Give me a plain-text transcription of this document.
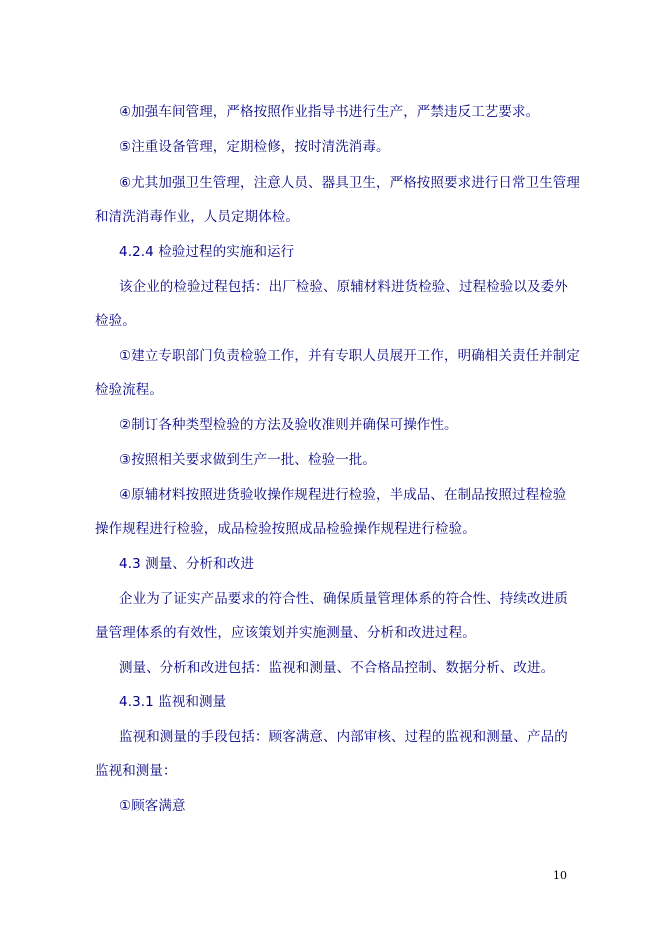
④加强车间管理，严格按照作业指导书进行生产，严禁违反工艺要求。

⑤注重设备管理，定期检修，按时清洗消毒。

⑥尤其加强卫生管理，注意人员、器具卫生，严格按照要求进行日常卫生管理

和清洗消毒作业，人员定期体检。

4.2.4 检验过程的实施和运行

该企业的检验过程包括：出厂检验、原辅材料进货检验、过程检验以及委外

检验。

①建立专职部门负责检验工作，并有专职人员展开工作，明确相关责任并制定

检验流程。

②制订各种类型检验的方法及验收准则并确保可操作性。

③按照相关要求做到生产一批、检验一批。

④原辅材料按照进货验收操作规程进行检验，半成品、在制品按照过程检验

操作规程进行检验，成品检验按照成品检验操作规程进行检验。

4.3 测量、分析和改进

企业为了证实产品要求的符合性、确保质量管理体系的符合性、持续改进质

量管理体系的有效性，应该策划并实施测量、分析和改进过程。

测量、分析和改进包括：监视和测量、不合格品控制、数据分析、改进。

4.3.1 监视和测量

监视和测量的手段包括：顾客满意、内部审核、过程的监视和测量、产品的

监视和测量：

①顾客满意

10
